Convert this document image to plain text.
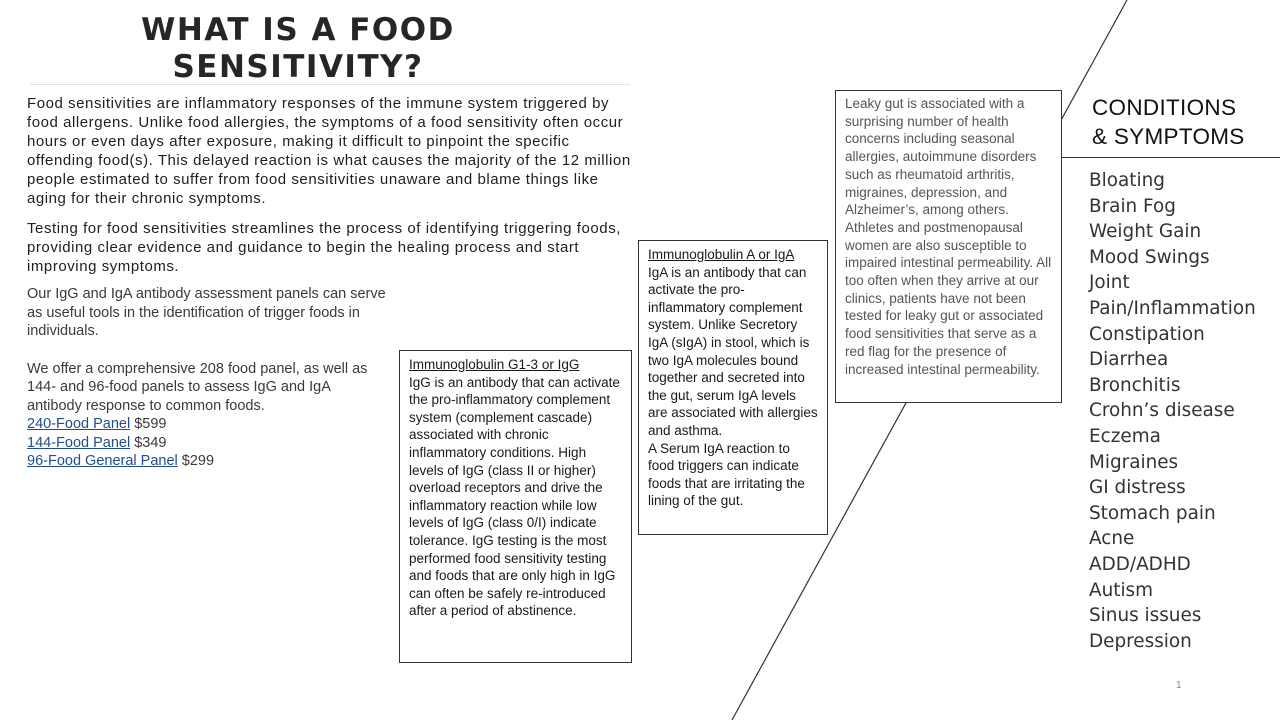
WHAT IS A FOOD SENSITIVITY?

Food sensitivities are inflammatory responses of the immune system triggered by food allergens. Unlike food allergies, the symptoms of a food sensitivity often occur hours or even days after exposure, making it difficult to pinpoint the specific offending food(s). This delayed reaction is what causes the majority of the 12 million people estimated to suffer from food sensitivities unaware and blame things like aging for their chronic symptoms.

Testing for food sensitivities streamlines the process of identifying triggering foods, providing clear evidence and guidance to begin the healing process and start improving symptoms.

Our IgG and IgA antibody assessment panels can serve as useful tools in the identification of trigger foods in individuals.

We offer a comprehensive 208 food panel, as well as 144- and 96-food panels to assess IgG and IgA antibody response to common foods.

240-Food Panel $599
144-Food Panel $349
96-Food General Panel $299
Immunoglobulin G1-3 or IgG
IgG is an antibody that can activate the pro-inflammatory complement system (complement cascade) associated with chronic inflammatory conditions. High levels of IgG (class II or higher) overload receptors and drive the inflammatory reaction while low levels of IgG (class 0/I) indicate tolerance. IgG testing is the most performed food sensitivity testing and foods that are only high in IgG can often be safely re-introduced after a period of abstinence.
Immunoglobulin A or IgA
IgA is an antibody that can activate the pro-inflammatory complement system. Unlike Secretory IgA (sIgA) in stool, which is two IgA molecules bound together and secreted into the gut, serum IgA levels are associated with allergies and asthma.
A Serum IgA reaction to food triggers can indicate foods that are irritating the lining of the gut.
Leaky gut is associated with a surprising number of health concerns including seasonal allergies, autoimmune disorders such as rheumatoid arthritis, migraines, depression, and Alzheimer’s, among others. Athletes and postmenopausal women are also susceptible to impaired intestinal permeability. All too often when they arrive at our clinics, patients have not been tested for leaky gut or associated food sensitivities that serve as a red flag for the presence of increased intestinal permeability.
CONDITIONS
& SYMPTOMS
Bloating
Brain Fog
Weight Gain
Mood Swings
Joint Pain/Inflammation
Constipation
Diarrhea
Bronchitis
Crohn’s disease
Eczema
Migraines
GI distress
Stomach pain
Acne
ADD/ADHD
Autism
Sinus issues
Depression
1
